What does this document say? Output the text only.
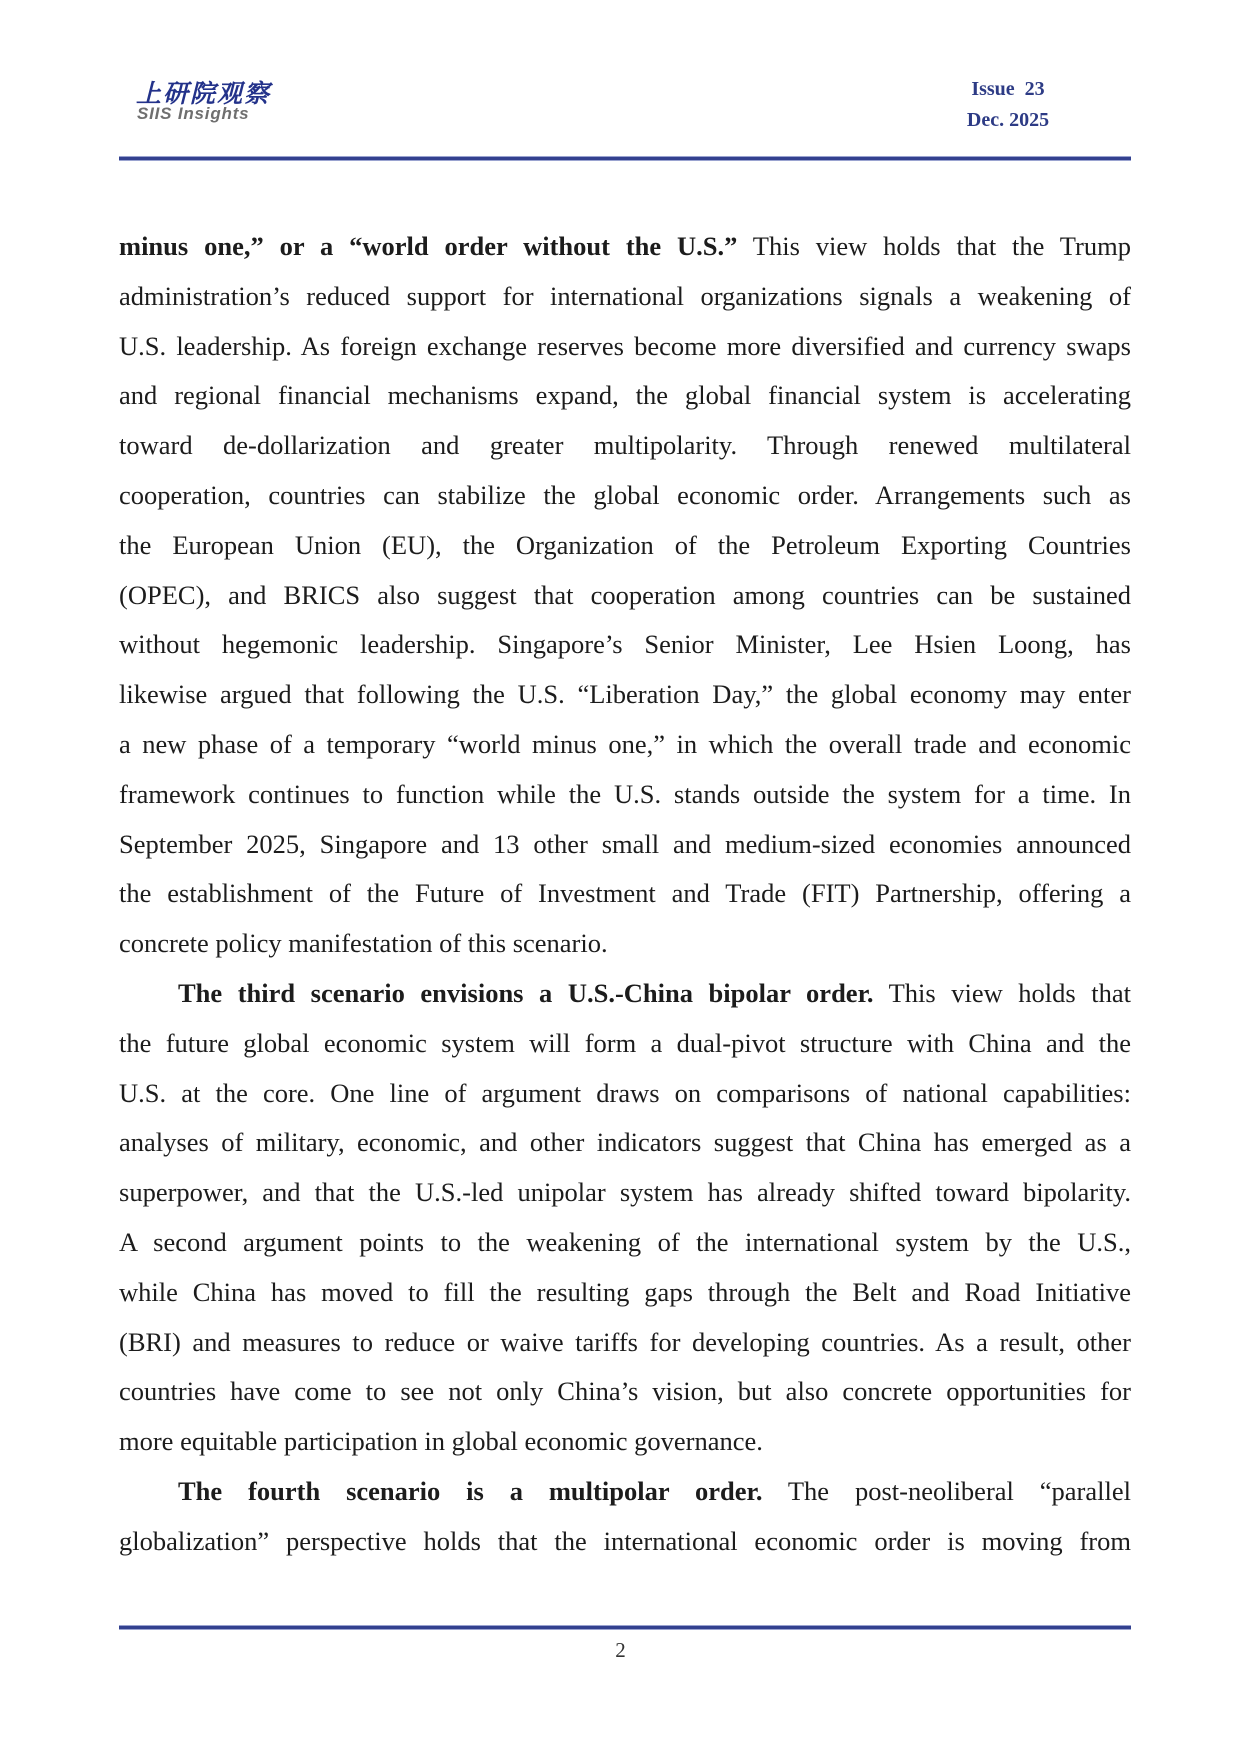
上研院观察
SIIS Insights
Issue  23
Dec. 2025
minus one,” or a “world order without the U.S.” This view holds that the Trump
administration’s reduced support for international organizations signals a weakening of
U.S. leadership. As foreign exchange reserves become more diversified and currency swaps
and regional financial mechanisms expand, the global financial system is accelerating
toward de-dollarization and greater multipolarity. Through renewed multilateral
cooperation, countries can stabilize the global economic order. Arrangements such as
the European Union (EU), the Organization of the Petroleum Exporting Countries
(OPEC), and BRICS also suggest that cooperation among countries can be sustained
without hegemonic leadership. Singapore’s Senior Minister, Lee Hsien Loong, has
likewise argued that following the U.S. “Liberation Day,” the global economy may enter
a new phase of a temporary “world minus one,” in which the overall trade and economic
framework continues to function while the U.S. stands outside the system for a time. In
September 2025, Singapore and 13 other small and medium-sized economies announced
the establishment of the Future of Investment and Trade (FIT) Partnership, offering a
concrete policy manifestation of this scenario.
The third scenario envisions a U.S.-China bipolar order. This view holds that
the future global economic system will form a dual-pivot structure with China and the
U.S. at the core. One line of argument draws on comparisons of national capabilities:
analyses of military, economic, and other indicators suggest that China has emerged as a
superpower, and that the U.S.-led unipolar system has already shifted toward bipolarity.
A second argument points to the weakening of the international system by the U.S.,
while China has moved to fill the resulting gaps through the Belt and Road Initiative
(BRI) and measures to reduce or waive tariffs for developing countries. As a result, other
countries have come to see not only China’s vision, but also concrete opportunities for
more equitable participation in global economic governance.
The fourth scenario is a multipolar order. The post-neoliberal “parallel
globalization” perspective holds that the international economic order is moving from
2
